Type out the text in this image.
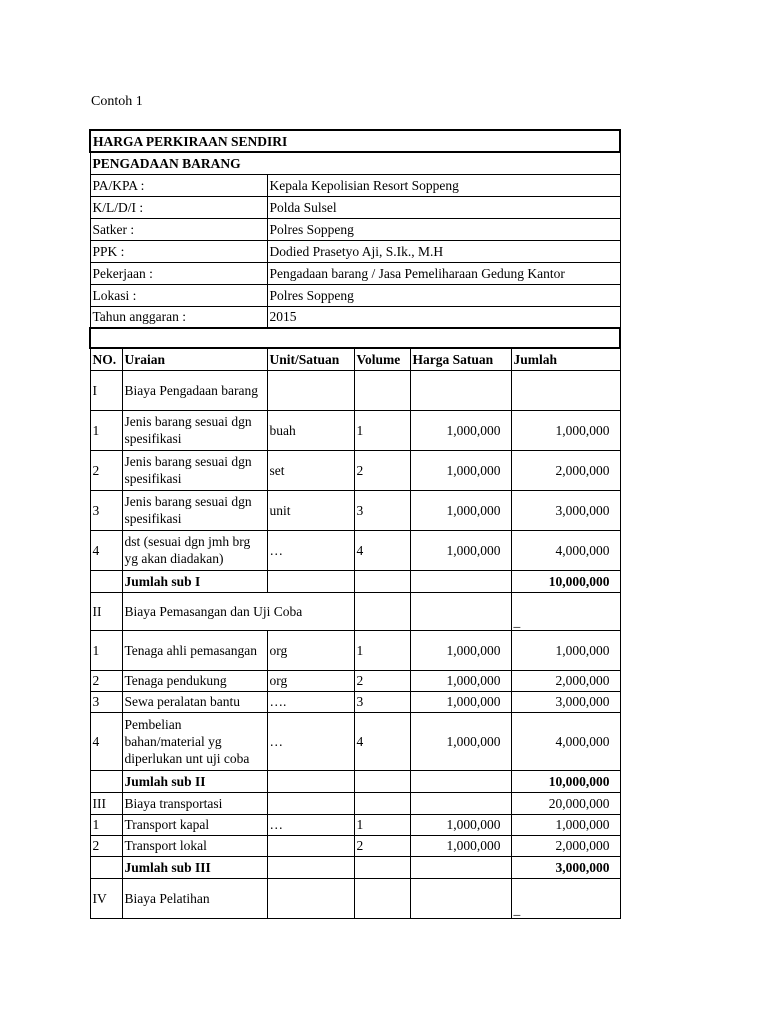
Contoh 1
HARGA PERKIRAAN SENDIRI					
PENGADAAN BARANG					
PA/KPA :		Kepala Kepolisian Resort Soppeng			
K/L/D/I :		Polda Sulsel			
Satker :		Polres Soppeng			
PPK :		Dodied Prasetyo Aji, S.Ik., M.H			
Pekerjaan :		Pengadaan barang / Jasa Pemeliharaan Gedung Kantor			
Lokasi :		Polres Soppeng			
Tahun anggaran :		2015			

NO.	Uraian	Unit/Satuan	Volume	Harga Satuan	Jumlah
I	Biaya Pengadaan barang				
1	Jenis barang sesuai dgn spesifikasi	buah	1	1,000,000	1,000,000
2	Jenis barang sesuai dgn spesifikasi	set	2	1,000,000	2,000,000
3	Jenis barang sesuai dgn spesifikasi	unit	3	1,000,000	3,000,000
4	dst (sesuai dgn jmh brg yg akan diadakan)	…	4	1,000,000	4,000,000
	Jumlah sub I				10,000,000
II	Biaya Pemasangan dan Uji Coba				_
1	Tenaga ahli pemasangan	org	1	1,000,000	1,000,000
2	Tenaga pendukung	org	2	1,000,000	2,000,000
3	Sewa peralatan bantu	….	3	1,000,000	3,000,000
4	Pembelian bahan/material yg diperlukan unt uji coba	…	4	1,000,000	4,000,000
	Jumlah sub II				10,000,000
III	Biaya transportasi				20,000,000
1	Transport kapal	…	1	1,000,000	1,000,000
2	Transport lokal		2	1,000,000	2,000,000
	Jumlah sub III				3,000,000
IV	Biaya Pelatihan				_
